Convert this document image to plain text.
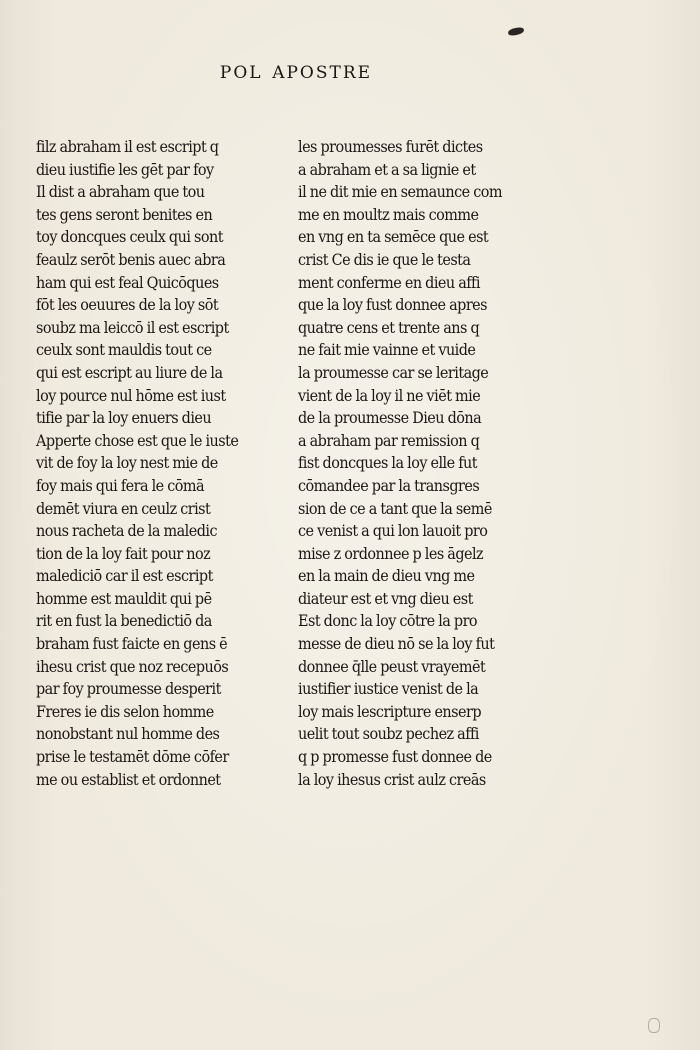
pol apostre
filz abraham il est escript q
dieu iustifie les gēt par foy
Il dist a abraham que tou
tes gens seront benites en
toy doncques ceulx qui sont
feaulz serōt benis auec abra
ham qui est feal Quicōques
fōt les oeuures de la loy sōt
soubz ma leiccō il est escript
ceulx sont mauldis tout ce
qui est escript au liure de la
loy pource nul hōme est iust
tifie par la loy enuers dieu
Apperte chose est que le iuste
vit de foy la loy nest mie de
foy mais qui fera le cōmā
demēt viura en ceulz crist
nous racheta de la maledic
tion de la loy fait pour noz
malediciō car il est escript
homme est mauldit qui pē
rit en fust la benedictiō da
braham fust faicte en gens ē
ihesu crist que noz recepuōs
par foy proumesse desperit
Freres ie dis selon homme
nonobstant nul homme des
prise le testamēt dōme cōfer
me ou establist et ordonnet
les proumesses furēt dictes
a abraham et a sa lignie et
il ne dit mie en semaunce com
me en moultz mais comme
en vng en ta semēce que est
crist Ce dis ie que le testa
ment conferme en dieu affi
que la loy fust donnee apres
quatre cens et trente ans q
ne fait mie vainne et vuide
la proumesse car se leritage
vient de la loy il ne viēt mie
de la proumesse Dieu dōna
a abraham par remission q
fist doncques la loy elle fut
cōmandee par la transgres
sion de ce a tant que la semē
ce venist a qui lon lauoit pro
mise z ordonnee p les āgelz
en la main de dieu vng me
diateur est et vng dieu est
Est donc la loy cōtre la pro
messe de dieu nō se la loy fut
donnee q̄lle peust vrayemēt
iustifier iustice venist de la
loy mais lescripture enserp
uelit tout soubz pechez affi
q p promesse fust donnee de
la loy ihesus crist aulz creās
